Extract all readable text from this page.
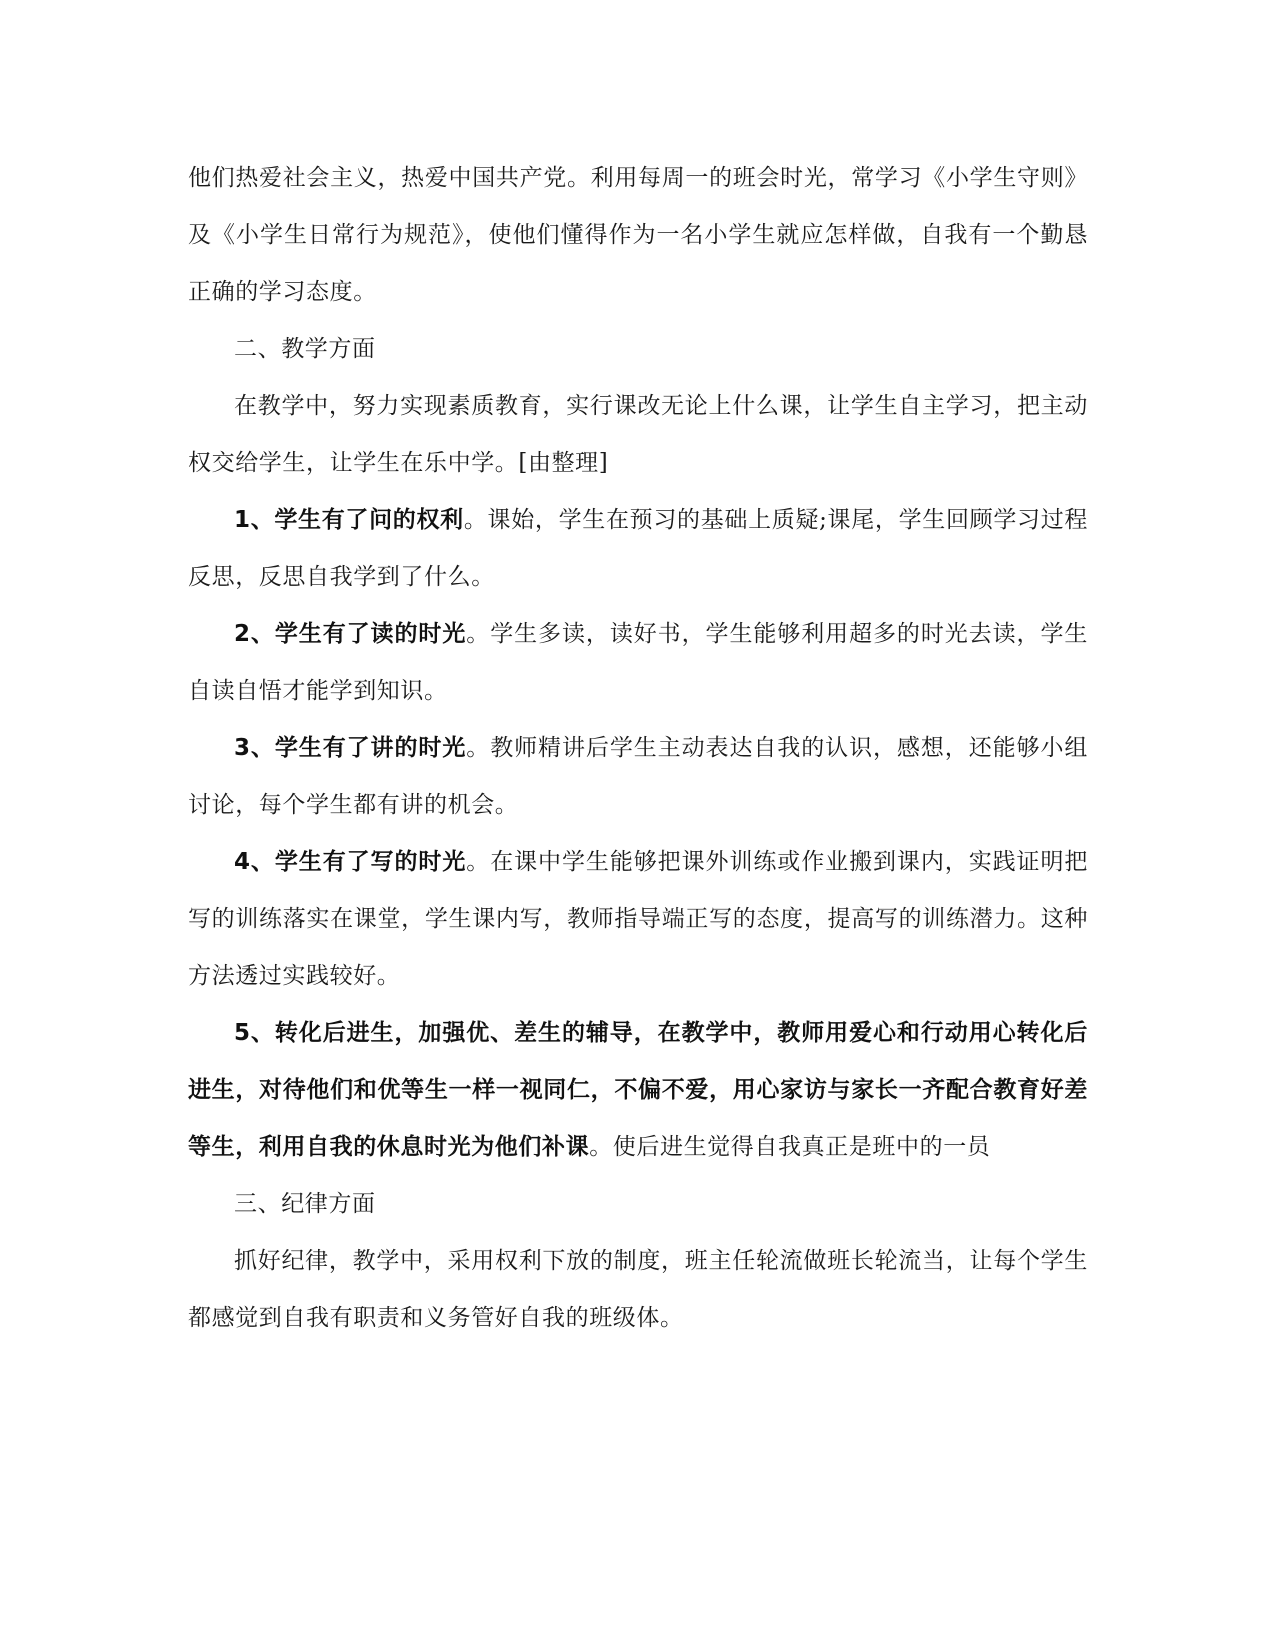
他们热爱社会主义，热爱中国共产党。利用每周一的班会时光，常学习《小学生守则》及《小学生日常行为规范》，使他们懂得作为一名小学生就应怎样做，自我有一个勤恳正确的学习态度。

二、教学方面

在教学中，努力实现素质教育，实行课改无论上什么课，让学生自主学习，把主动权交给学生，让学生在乐中学。[由整理]

1、学生有了问的权利。课始，学生在预习的基础上质疑;课尾，学生回顾学习过程反思，反思自我学到了什么。

2、学生有了读的时光。学生多读，读好书，学生能够利用超多的时光去读，学生自读自悟才能学到知识。

3、学生有了讲的时光。教师精讲后学生主动表达自我的认识，感想，还能够小组讨论，每个学生都有讲的机会。

4、学生有了写的时光。在课中学生能够把课外训练或作业搬到课内，实践证明把写的训练落实在课堂，学生课内写，教师指导端正写的态度，提高写的训练潜力。这种方法透过实践较好。

5、转化后进生，加强优、差生的辅导，在教学中，教师用爱心和行动用心转化后进生，对待他们和优等生一样一视同仁，不偏不爱，用心家访与家长一齐配合教育好差等生，利用自我的休息时光为他们补课。使后进生觉得自我真正是班中的一员

三、纪律方面

抓好纪律，教学中，采用权利下放的制度，班主任轮流做班长轮流当，让每个学生都感觉到自我有职责和义务管好自我的班级体。
